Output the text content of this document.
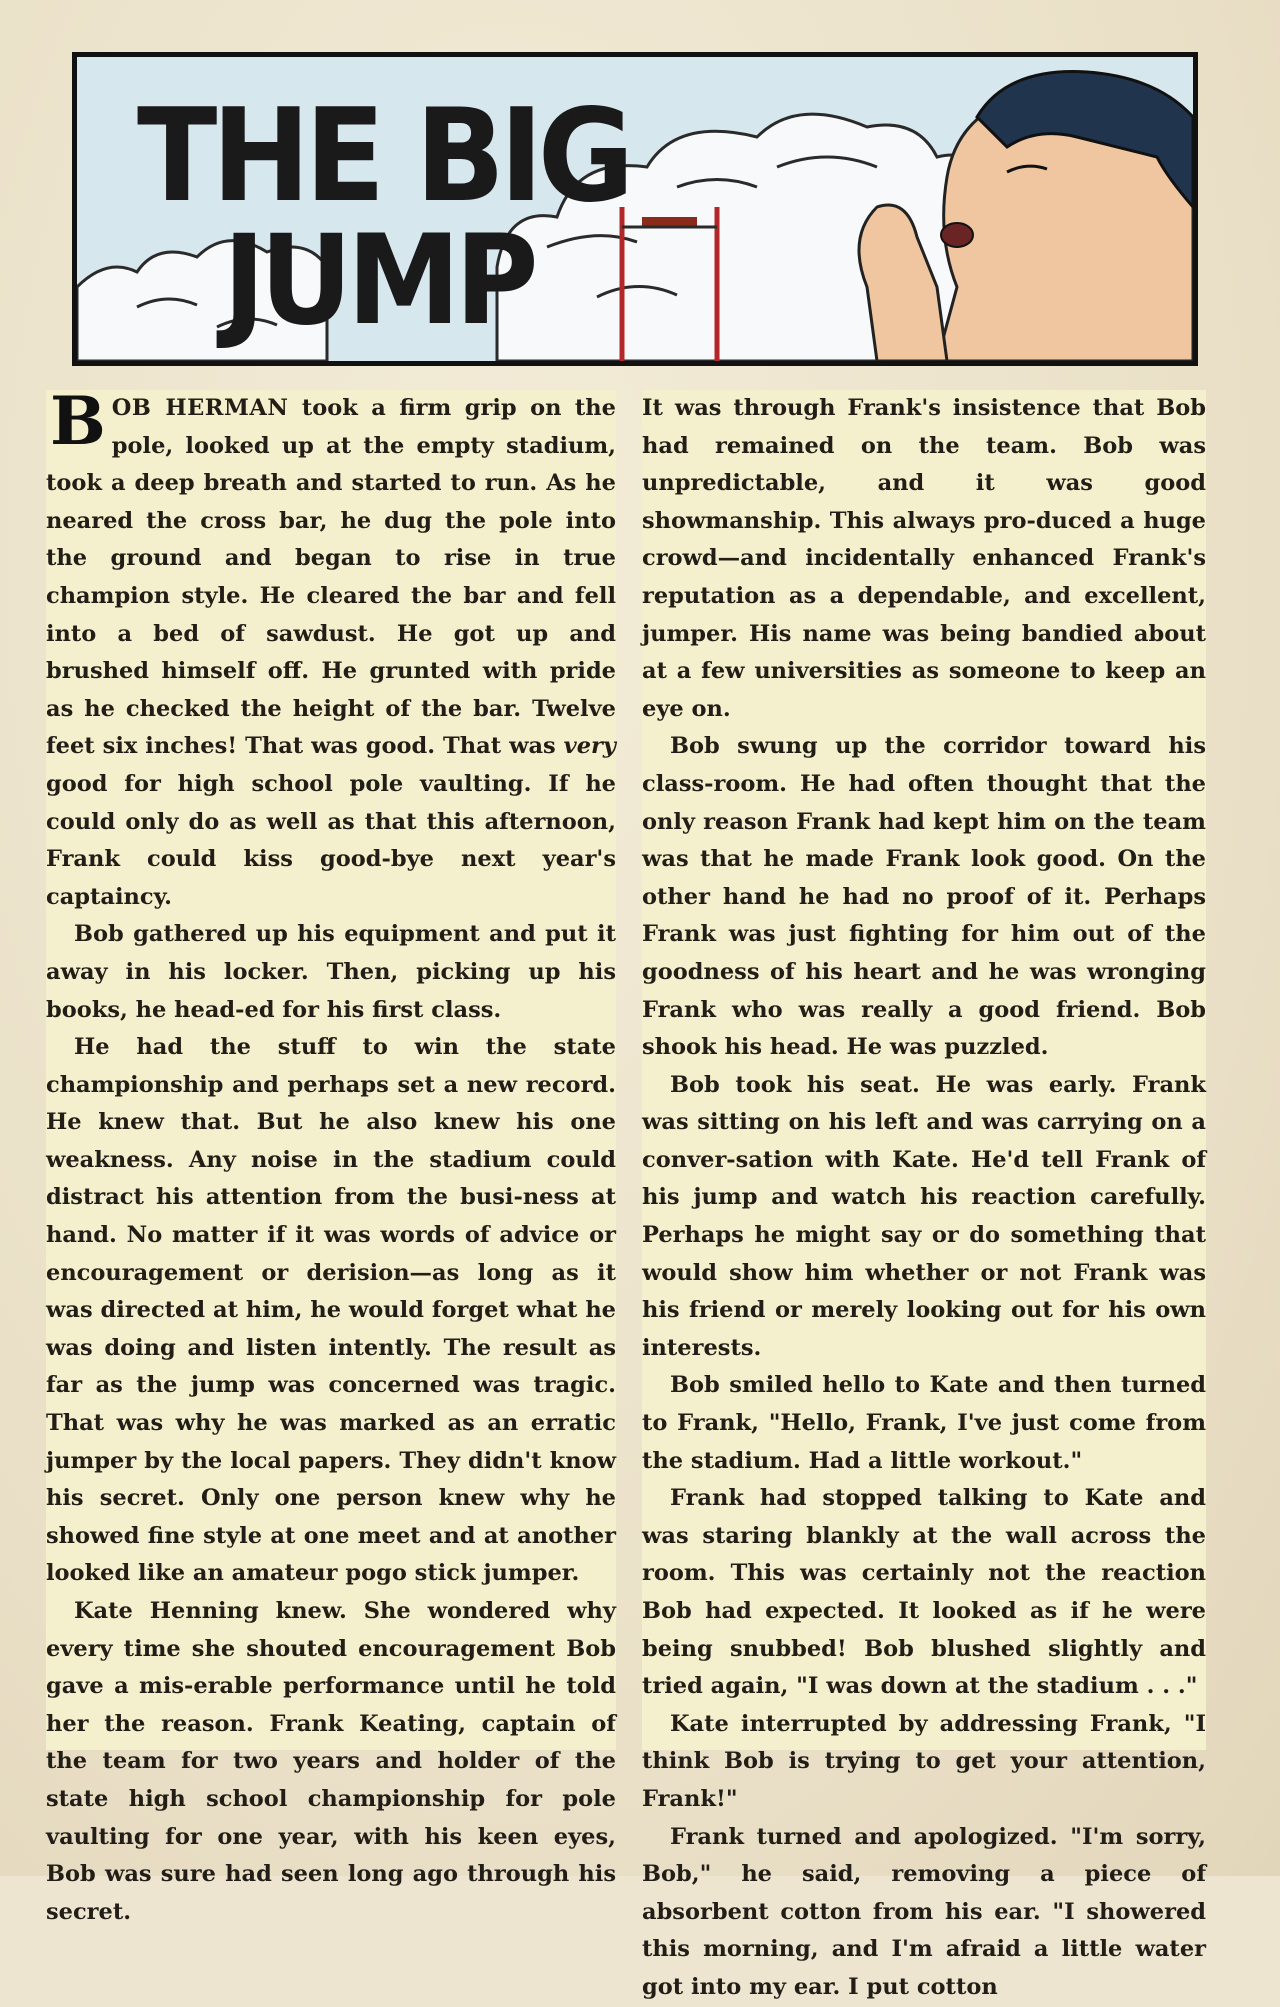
THE BIG
JUMP

BOB HERMAN took a firm grip on the pole, looked up at the empty stadium, took a deep breath and started to run. As he neared the cross bar, he dug the pole into the ground and began to rise in true champion style. He cleared the bar and fell into a bed of sawdust. He got up and brushed himself off. He grunted with pride as he checked the height of the bar. Twelve feet six inches! That was good. That was very good for high school pole vaulting. If he could only do as well as that this afternoon, Frank could kiss good-bye next year's captaincy.

Bob gathered up his equipment and put it away in his locker. Then, picking up his books, he head-ed for his first class.

He had the stuff to win the state championship and perhaps set a new record. He knew that. But he also knew his one weakness. Any noise in the stadium could distract his attention from the busi-ness at hand. No matter if it was words of advice or encouragement or derision—as long as it was directed at him, he would forget what he was doing and listen intently. The result as far as the jump was concerned was tragic. That was why he was marked as an erratic jumper by the local papers. They didn't know his secret. Only one person knew why he showed fine style at one meet and at another looked like an amateur pogo stick jumper.

Kate Henning knew. She wondered why every time she shouted encouragement Bob gave a mis-erable performance until he told her the reason. Frank Keating, captain of the team for two years and holder of the state high school championship for pole vaulting for one year, with his keen eyes, Bob was sure had seen long ago through his secret.

It was through Frank's insistence that Bob had remained on the team. Bob was unpredictable, and it was good showmanship. This always pro-duced a huge crowd—and incidentally enhanced Frank's reputation as a dependable, and excellent, jumper. His name was being bandied about at a few universities as someone to keep an eye on.

Bob swung up the corridor toward his class-room. He had often thought that the only reason Frank had kept him on the team was that he made Frank look good. On the other hand he had no proof of it. Perhaps Frank was just fighting for him out of the goodness of his heart and he was wronging Frank who was really a good friend. Bob shook his head. He was puzzled.

Bob took his seat. He was early. Frank was sitting on his left and was carrying on a conver-sation with Kate. He'd tell Frank of his jump and watch his reaction carefully. Perhaps he might say or do something that would show him whether or not Frank was his friend or merely looking out for his own interests.

Bob smiled hello to Kate and then turned to Frank, "Hello, Frank, I've just come from the stadium. Had a little workout."

Frank had stopped talking to Kate and was staring blankly at the wall across the room. This was certainly not the reaction Bob had expected. It looked as if he were being snubbed! Bob blushed slightly and tried again, "I was down at the stadium . . ."

Kate interrupted by addressing Frank, "I think Bob is trying to get your attention, Frank!"

Frank turned and apologized. "I'm sorry, Bob," he said, removing a piece of absorbent cotton from his ear. "I showered this morning, and I'm afraid a little water got into my ear. I put cotton
